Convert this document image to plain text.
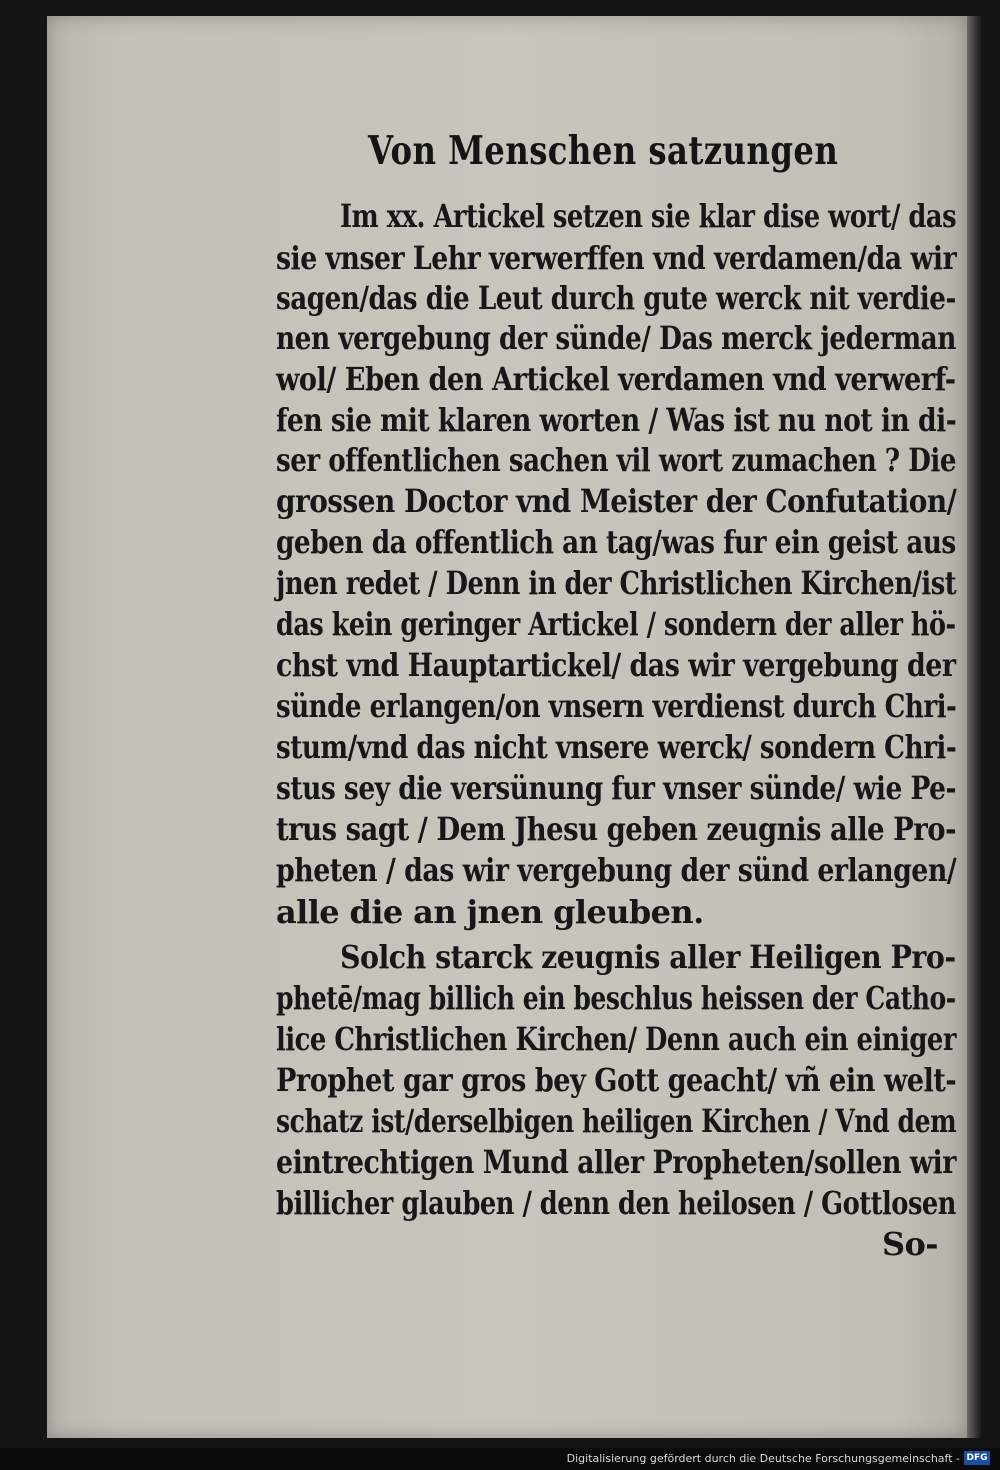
Von Menschen satzungen
Im xx. Artickel setzen sie klar dise wort/ das
sie vnser Lehr verwerffen vnd verdamen/da wir
sagen/das die Leut durch gute werck nit verdie-
nen vergebung der sünde/ Das merck jederman
wol/ Eben den Artickel verdamen vnd verwerf-
fen sie mit klaren worten / Was ist nu not in di-
ser offentlichen sachen vil wort zumachen ? Die
grossen Doctor vnd Meister der Confutation/
geben da offentlich an tag/was fur ein geist aus
jnen redet / Denn in der Christlichen Kirchen/ist
das kein geringer Artickel / sondern der aller hö-
chst vnd Hauptartickel/ das wir vergebung der
sünde erlangen/on vnsern verdienst durch Chri-
stum/vnd das nicht vnsere werck/ sondern Chri-
stus sey die versünung fur vnser sünde/ wie Pe-
trus sagt / Dem Jhesu geben zeugnis alle Pro-
pheten / das wir vergebung der sünd erlangen/
alle die an jnen gleuben.
Solch starck zeugnis aller Heiligen Pro-
phetē/mag billich ein beschlus heissen der Catho-
lice Christlichen Kirchen/ Denn auch ein einiger
Prophet gar gros bey Gott geacht/ vñ ein welt-
schatz ist/derselbigen heiligen Kirchen / Vnd dem
eintrechtigen Mund aller Propheten/sollen wir
billicher glauben / denn den heilosen / Gottlosen
So-
Digitalisierung gefördert durch die Deutsche Forschungsgemeinschaft - DFG
